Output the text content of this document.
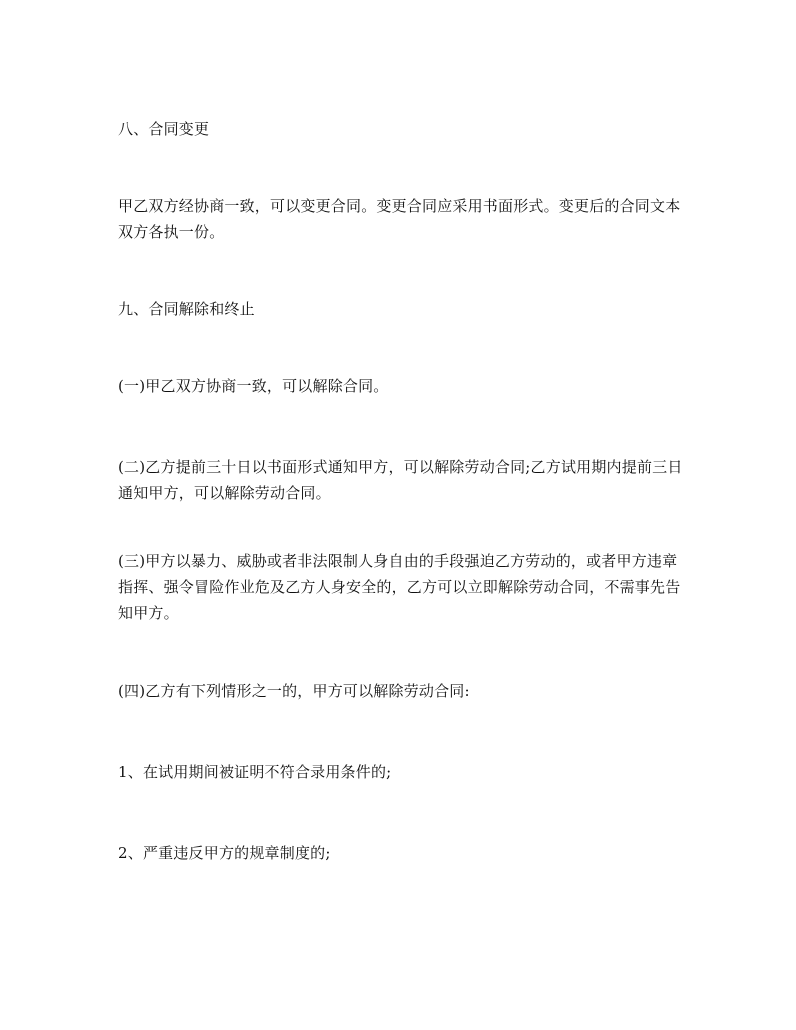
八、合同变更

甲乙双方经协商一致，可以变更合同。变更合同应采用书面形式。变更后的合同文本双方各执一份。

九、合同解除和终止

(一)甲乙双方协商一致，可以解除合同。

(二)乙方提前三十日以书面形式通知甲方，可以解除劳动合同;乙方试用期内提前三日通知甲方，可以解除劳动合同。

(三)甲方以暴力、威胁或者非法限制人身自由的手段强迫乙方劳动的，或者甲方违章指挥、强令冒险作业危及乙方人身安全的，乙方可以立即解除劳动合同，不需事先告知甲方。

(四)乙方有下列情形之一的，甲方可以解除劳动合同:

1、在试用期间被证明不符合录用条件的;

2、严重违反甲方的规章制度的;
